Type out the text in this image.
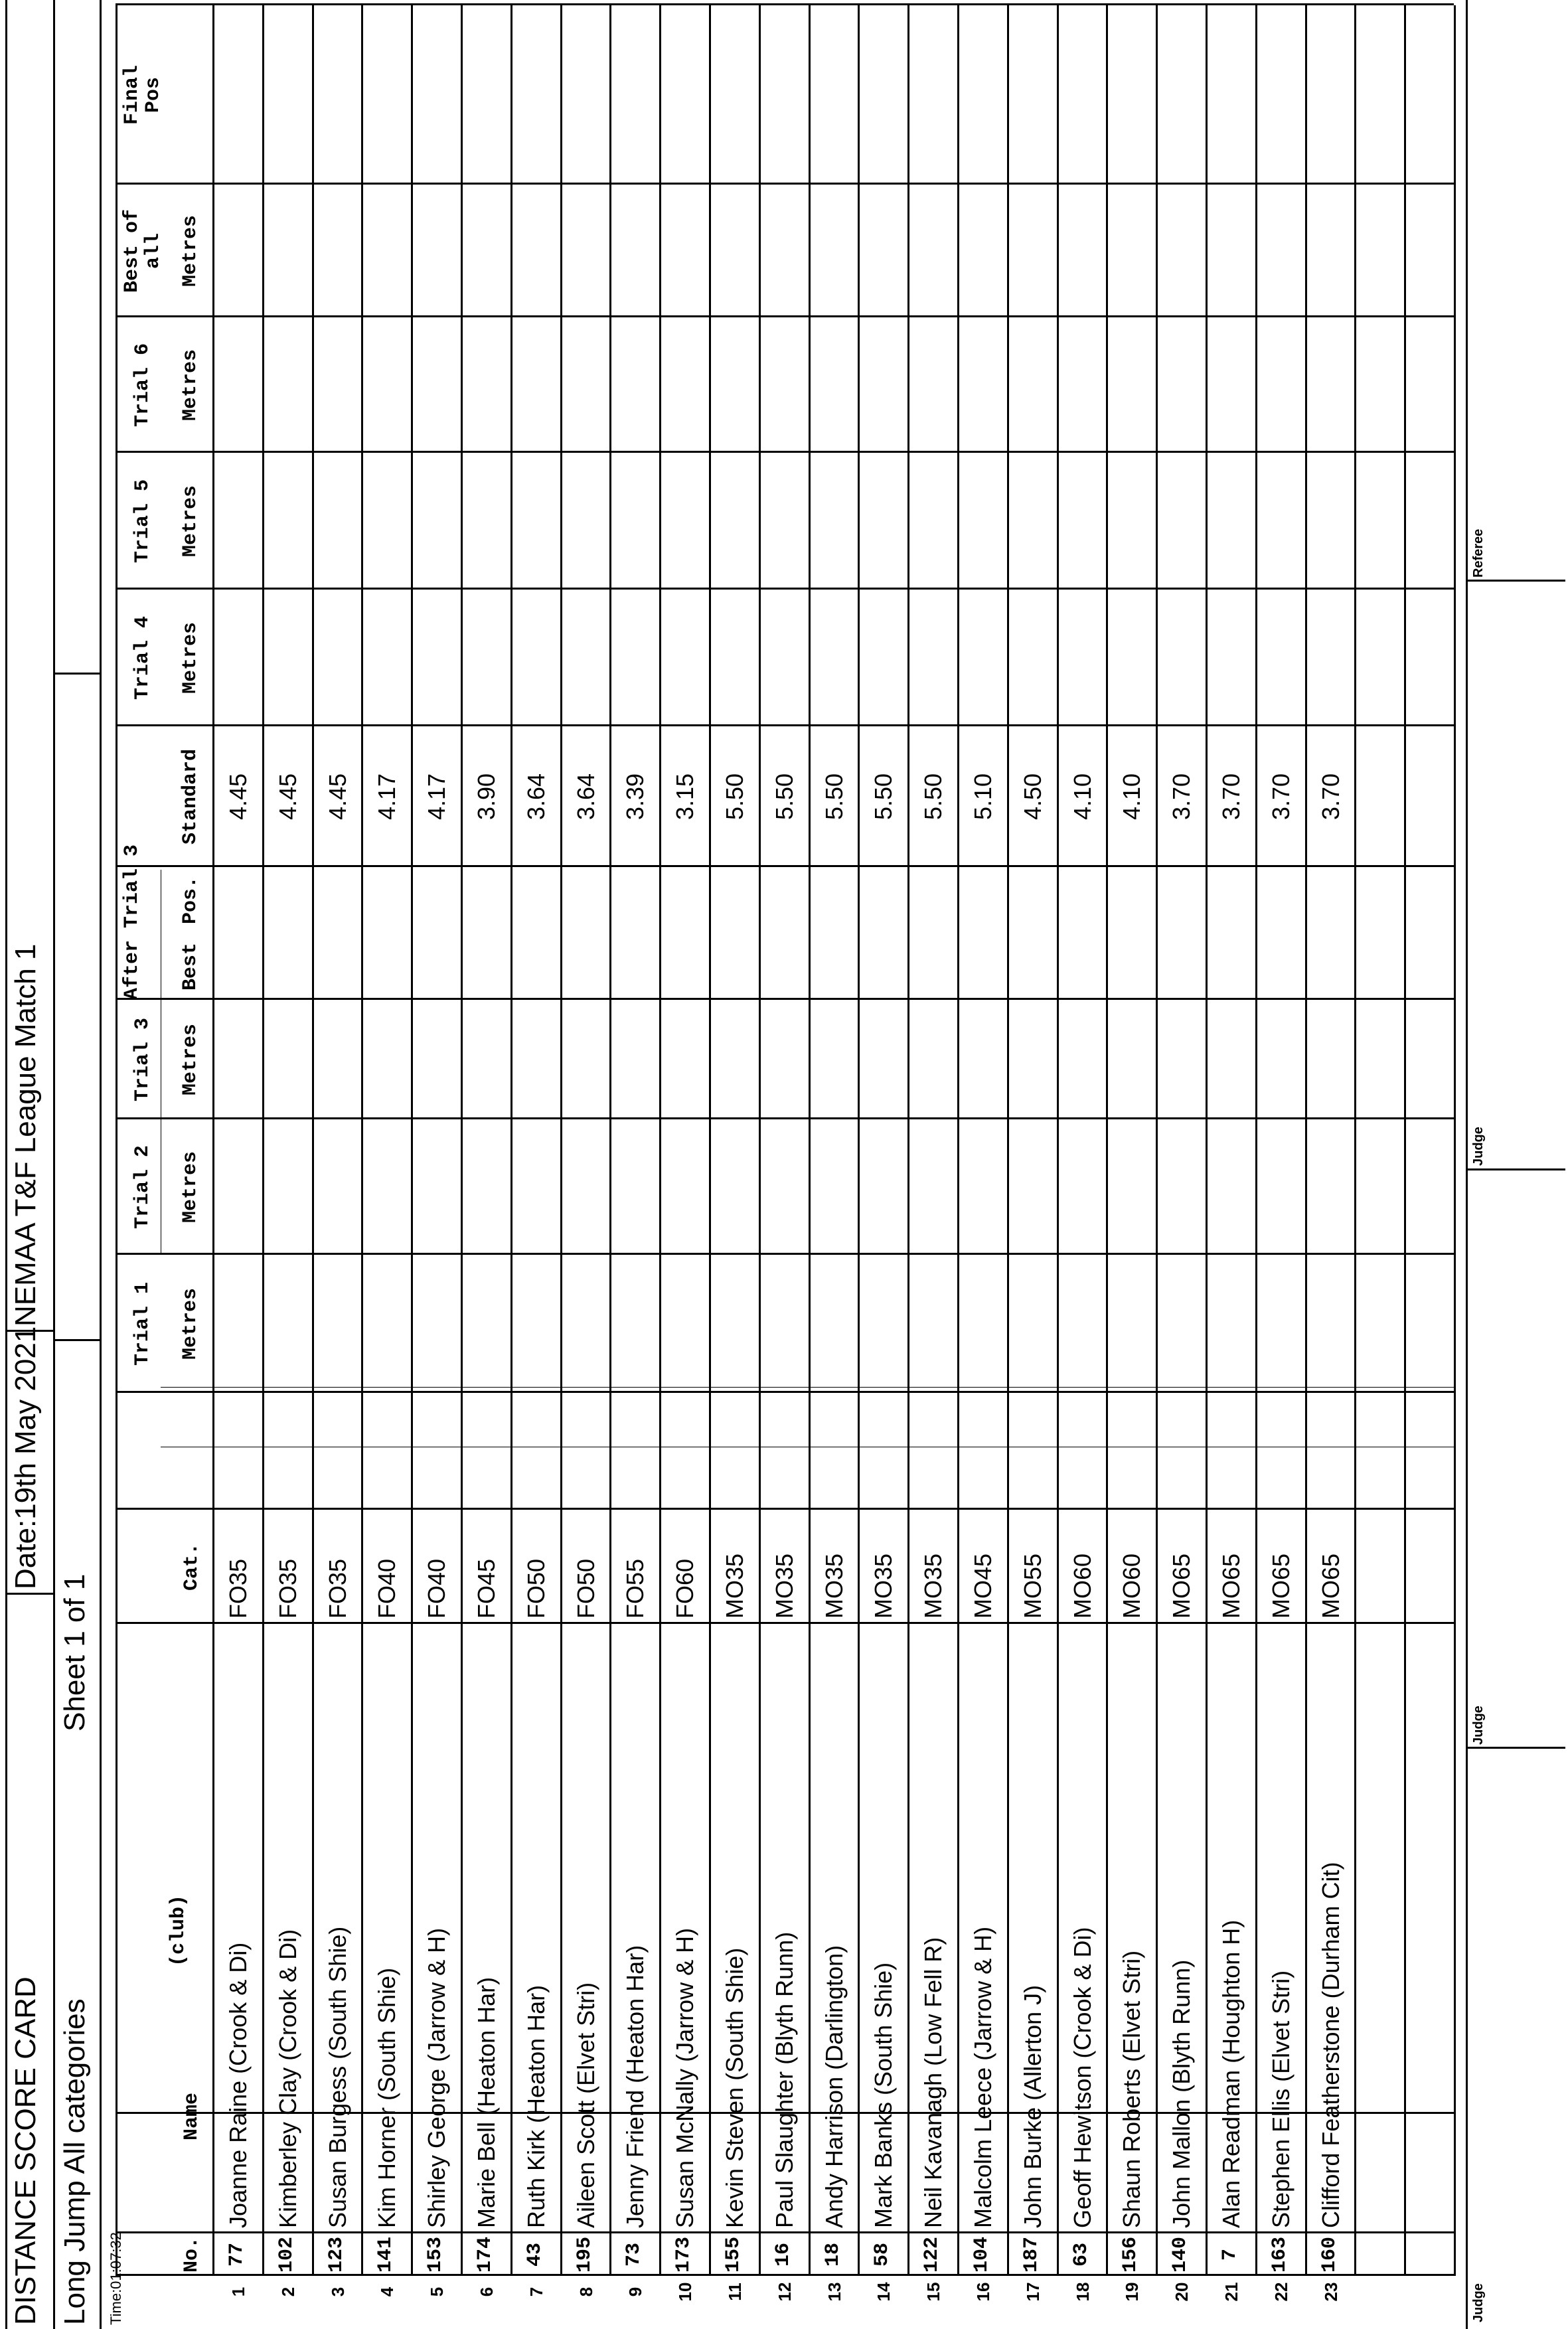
DISTANCE SCORE CARD
Date:19th May 2021
NEMAA T&F League Match 1
Long Jump All categories
Sheet 1 of 1
Time:01:07:32	No.
Name
(club)
Cat.
Trial 1 Metres
Trial 2 Metres
Trial 3 Metres
After Trial 3 Best
Pos.
Standard
Trial 4 Metres
Trial 5 Metres
Trial 6 Metres
Best of
all Metres
Final
Pos
1
77
Joanne Raine (Crook & Di)
FO35
4.45
2
102
Kimberley Clay (Crook & Di)
FO35
4.45
3
123
Susan Burgess (South Shie)
FO35
4.45
4
141
Kim Horner (South Shie)
FO40
4.17
5
153
Shirley George (Jarrow & H)
FO40
4.17
6
174
Marie Bell (Heaton Har)
FO45
3.90
7
43
Ruth Kirk (Heaton Har)
FO50
3.64
8
195
Aileen Scott (Elvet Stri)
FO50
3.64
9
73
Jenny Friend (Heaton Har)
FO55
3.39
10
173
Susan McNally (Jarrow & H)
FO60
3.15
11
155
Kevin Steven (South Shie)
MO35
5.50
12
16
Paul Slaughter (Blyth Runn)
MO35
5.50
13
18
Andy Harrison (Darlington)
MO35
5.50
14
58
Mark Banks (South Shie)
MO35
5.50
15
122
Neil Kavanagh (Low Fell R)
MO35
5.50
16
104
Malcolm Leece (Jarrow & H)
MO45
5.10
17
187
John Burke (Allerton J)
MO55
4.50
18
63
Geoff Hewitson (Crook & Di)
MO60
4.10
19
156
Shaun Roberts (Elvet Stri)
MO60
4.10
20
140
John Mallon (Blyth Runn)
MO65
3.70
21
7
Alan Readman (Houghton H)
MO65
3.70
22
163
Stephen Ellis (Elvet Stri)
MO65
3.70
23
160
Clifford Featherstone (Durham Cit)
MO65
3.70
Judge
Judge
Judge
Referee
